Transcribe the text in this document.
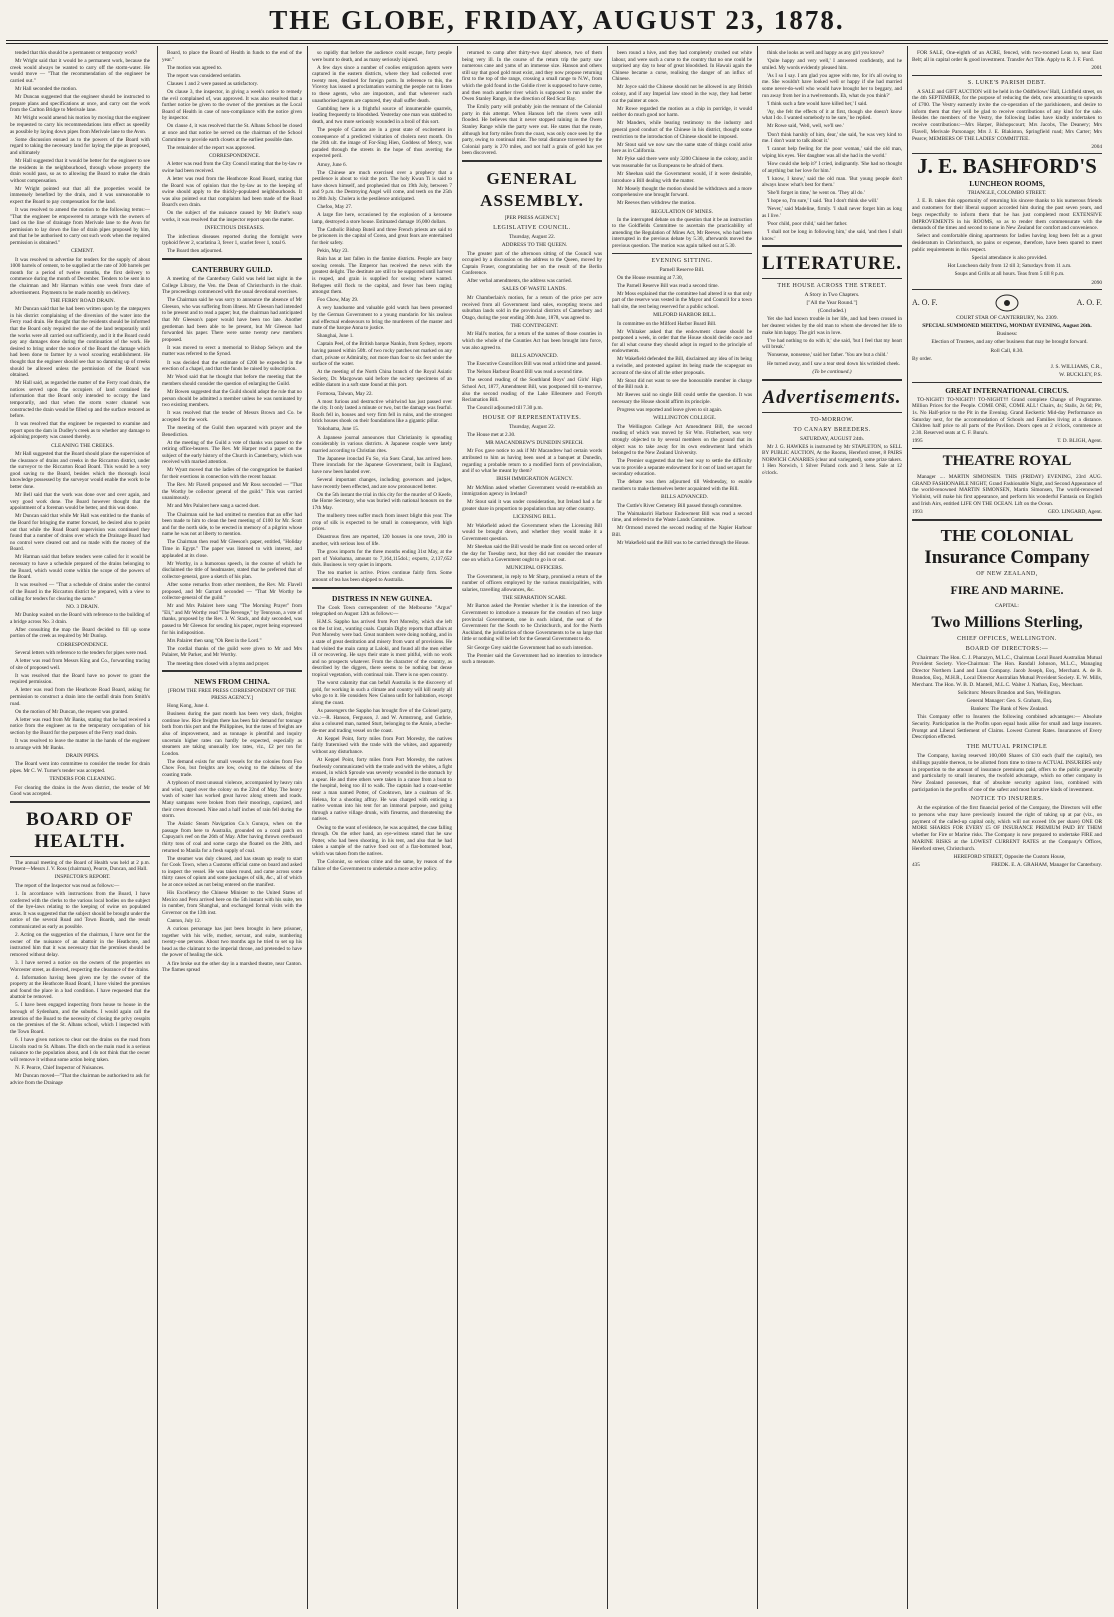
THE GLOBE, FRIDAY, AUGUST 23, 1878.

tended that this should be a permanent or temporary work?

Mr Wright said that it would be a permanent work, because the creek would always be wanted to carry off the storm-water. He would move — "That the recommendation of the engineer be carried out."

Mr Hall seconded the motion.

Mr Duncan suggested that the engineer should be instructed to prepare plans and specifications at once, and carry out the work from the Carlton Bridge to Merivale lane.

Mr Wright would amend his motion by moving that the engineer be requested to carry his recommendations into effect as speedily as possible by laying down pipes from Merivale lane to the Avon.

Some discussion ensued as to the powers of the Board with regard to taking the necessary land for laying the pipe as proposed, and ultimately

Mr Hall suggested that it would be better for the engineer to see the residents in the neighbourhood, through whose property the drain would pass, so as to allowing the Board to make the drain without compensation.

Mr Wright pointed out that all the properties would be immensely benefited by the drain, and it was unreasonable to expect the Board to pay compensation for the land.

It was resolved to amend the motion to the following terms:— "That the engineer be empowered to arrange with the owners of land on the line of drainage from Merivale lane to the Avon for permission to lay down the line of drain pipes proposed by him, and that he be authorised to carry out such work when the required permission is obtained."

CEMENT.

It was resolved to advertise for tenders for the supply of about 1000 barrels of cement, to be supplied at the rate of 300 barrels per month for a period of twelve months, the first delivery to commence during the month of December. Tenders to be sent in to the chairman and Mr Harman within one week from date of advertisement. Payments to be made monthly on delivery.

THE FERRY ROAD DRAIN.

Mr Duncan said that he had been written upon by the ratepayers in his district complaining of the diversion of the water into the Ferry road drain. He thought that the residents should be informed that the Board only required the use of the land temporarily until the works were all carried out sufficiently, and it it the Board could pay any damages done during the continuation of the work. He desired to bring under the notice of the Board the damage which had been done to farmer by a wool scouring establishment. He thought that the engineer should see that no damming up of creeks should be allowed unless the permission of the Board was obtained.

Mr Hall said, as regarded the matter of the Ferry road drain, the notices served upon the occupiers of land contained the information that the Board only intended to occupy the land temporarily, and that when the storm water channel was constructed the drain would be filled up and the surface restored as before.

It was resolved that the engineer be requested to examine and report upon the dam in Dudley's creek as to whether any damage to adjoining property was caused thereby.

CLEANING THE CREEKS.

Mr Hall suggested that the Board should place the supervision of the clearance of drains and creeks in the Riccarton district, under the surveyor to the Riccarton Road Board. This would be a very good saving to the Board, besides which the thorough local knowledge possessed by the surveyor would enable the work to be better done.

Mr Bell said that the work was done over and over again, and very good work done. The Board however thought that the appointment of a foreman would be better, and this was done.

Mr Duncan said that while Mr Hall was entitled to the thanks of the Board for bringing the matter forward, he desired also to point out that while the Road Board supervision was continued they found that a number of drains over which the Drainage Board had no control were cleared out and no made with the money of the Board.

Mr Harman said that before tenders were called for it would be necessary to have a schedule prepared of the drains belonging to the Board, which would come within the scope of the powers of the Board.

It was resolved — "That a schedule of drains under the control of the Board in the Riccarton district be prepared, with a view to calling for tenders for clearing the same."

NO. 3 DRAIN.

Mr Dunlop waited on the Board with reference to the building of a bridge across No. 3 drain.

After consulting the map the Board decided to fill up some portion of the creek as required by Mr Dunlop.

CORRESPONDENCE.

Several letters with reference to the tenders for pipes were read.

A letter was read from Messrs King and Co., forwarding tracing of site of proposed well.

It was resolved that the Board have no power to grant the required permission.

A letter was read from the Heathcote Road Board, asking for permission to construct a drain into the outfall drain from Smith's road.

On the motion of Mr Duncan, the request was granted.

A letter was read from Mr Banks, stating that he had received a notice from the engineer as to the temporary occupation of his section by the Board for the purposes of the Ferry road drain.

It was resolved to leave the matter in the hands of the engineer to arrange with Mr Banks.

DRAIN PIPES.

The Board went into committee to consider the tender for drain pipes. Mr C. W. Turner's tender was accepted.

TENDERS FOR CLEANING.

For clearing the drains in the Avon district, the tender of Mr Good was accepted.

BOARD OF HEALTH.

The annual meeting of the Board of Health was held at 2 p.m. Present—Messrs J. V. Ross (chairman), Pearce, Duncan, and Hall.

INSPECTOR'S REPORT.

The report of the Inspector was read as follows:—

1. In accordance with instructions from the Board, I have conferred with the clerks to the various local bodies on the subject of the bye-laws relating to the keeping of swine on populated areas. It was suggested that the subject should be brought under the notice of the several Road and Town Boards, and the result communicated as early as possible.

2. Acting on the suggestion of the chairman, I have sent for the owner of the nuisance of an abattoir in the Heathcote, and instructed him that it was necessary that the premises should be removed without delay.

3. I have served a notice on the owners of the properties on Worcester street, as directed, respecting the clearance of the drains.

4. Information having been given me by the owner of the property at the Heathcote Road Board, I have visited the premises and found the place in a bad condition. I have requested that the abattoir be removed.

5. I have been engaged inspecting from house to house in the borough of Sydenham, and the suburbs. I would again call the attention of the Board to the necessity of closing the privy cesspits on the premises of the St. Albans school, which I inspected with the Town Board.

6. I have given notices to clear out the drains on the road from Lincoln road to St. Albans. The ditch on the main road is a serious nuisance to the population about, and I do not think that the owner will remove it without some action being taken.

N. F. Pearce, Chief Inspector of Nuisances.

Mr Duncan moved—"That the chairman be authorised to ask for advice from the Drainage

Board, to place the Board of Health in funds to the end of the year."

The motion was agreed to.

The report was considered seriatim.

Clauses 1 and 2 were passed as satisfactory.

On clause 3, the inspector, in giving a week's notice to remedy the evil complained of, was approved. It was also resolved that a further notice be given to the owner of the premises as the Local Board of Health in case of non-compliance with the notice given by inspector.

On clause 4, it was resolved that the St. Albans School be closed at once and that notice be served on the chairman of the School Committee to provide earth closets at the earliest possible date.

The remainder of the report was approved.

CORRESPONDENCE.

A letter was read from the City Council stating that the by-law re swine had been received.

A letter was read from the Heathcote Road Board, stating that the Board was of opinion that the by-law as to the keeping of swine should apply to the thickly-populated neighbourhoods. It was also pointed out that complaints had been made of the Road Board's own drain.

On the subject of the nuisance caused by Mr Butler's soap works, it was resolved that the inspector report upon the matter.

INFECTIOUS DISEASES.

The infectious diseases reported during the fortnight were typhoid fever 2, scarlatina 3, fever 1, scarlet fever 1, total 6.

The Board then adjourned.

CANTERBURY GUILD.

A meeting of the Canterbury Guild was held last night in the College Library, the Ven. the Dean of Christchurch in the chair. The proceedings commenced with the usual devotional exercises.

The Chairman said he was sorry to announce the absence of Mr Gleeson, who was suffering from illness. Mr Gleeson had intended to be present and to read a paper; but, the chairman had anticipated that Mr Gleeson's paper would have been too late. Another gentleman had been able to be present, but Mr Gleeson had forwarded his paper. There were some twenty new members proposed.

It was moved to erect a memorial to Bishop Selwyn and the matter was referred to the Synod.

It was decided that the estimate of £200 be expended in the erection of a chapel, and that the funds be raised by subscription.

Mr Wood said that he thought that before the meeting that the members should consider the question of enlarging the Guild.

Mr Bowen suggested that the Guild should adopt the rule that no person should be admitted a member unless he was nominated by two existing members.

It was resolved that the tender of Messrs Brown and Co. be accepted for the work.

The meeting of the Guild then separated with prayer and the Benediction.

At the meeting of the Guild a vote of thanks was passed to the retiring office-bearers. The Rev. Mr Harper read a paper on the subject of the early history of the Church in Canterbury, which was received with marked attention.

Mr Wyatt moved that the ladies of the congregation be thanked for their exertions in connection with the recent bazaar.

The Rev. Mr Flavell proposed and Mr Ross seconded — "That the Worthy be collector general of the guild." This was carried unanimously.

Mr and Mrs Palairet here sang a sacred duet.

The Chairman said he had omitted to mention that an offer had been made to him to clean the best meeting of £100 for Mr. Scott and for the north side, to be erected in memory of a pilgrim whose name he was not at liberty to mention.

The Chairman then read Mr Gleeson's paper, entitled, "Holiday Time in Egypt." The paper was listened to with interest, and applauded at its close.

Mr Worthy, in a humorous speech, in the course of which he disclaimed the title of headmaster, stated that he preferred that of collector-general, gave a sketch of his plan.

After some remarks from other members, the Rev. Mr. Flavell proposed, and Mr Garrard seconded — "That Mr Worthy be collector-general of the guild."

Mr and Mrs Palairet here sang "The Morning Prayer" from "Eli," and Mr Worthy read "The Revenge," by Tennyson, a vote of thanks, proposed by the Rev. J. W. Stack, and duly seconded, was passed to Mr Gleeson for sending his paper, regret being expressed for his indisposition.

Mrs Palairet then sang "Oh Rest in the Lord."

The cordial thanks of the guild were given to Mr and Mrs Palairet, Mr Parker, and Mr Worthy.

The meeting then closed with a hymn and prayer.

NEWS FROM CHINA.
[FROM THE FREE PRESS CORRESPONDENT OF THE PRESS AGENCY.]

Hong Kong, June 4.

Business during the past month has been very slack, freights continue low. Rice freights there has been fair demand for tonnage both from this port and the Philippines, but the rates of freights are also of improvement, and as tonnage is plentiful and inquiry uncertain higher rates can hardly be expected, especially as steamers are taking unusually low rates, viz., £2 per ton for London.

The demand exists for small vessels for the colonies from Foo Chow Foo, but freights are low, owing to the dulness of the coasting trade.

A typhoon of most unusual violence, accompanied by heavy rain and wind, raged over the colony on the 22nd of May. The heavy wash of water has worked great havoc along streets and roads. Many sampans were broken from their moorings, capsized, and their crews drowned. Nine and a half inches of rain fell during the storm.

The Asiatic Steam Navigation Co.'s Gunuya, when on the passage from here to Australia, grounded on a coral patch on Capuyan's reef on the 26th of May. After having thrown overboard thirty tons of coal and some cargo she floated on the 28th, and returned to Manila for a fresh supply of coal.

The steamer was duly cleared, and has steam up ready to start for Cook Town, when a Customs official came on board and asked to inspect the vessel. He was taken round, and came across some thirty cases of opium and some packages of silk, &c., all of which he at once seized as not being entered on the manifest.

His Excellency the Chinese Minister to the United States of Mexico and Peru arrived here on the 5th instant with his suite, ten in number, from Shanghai, and exchanged formal visits with the Governor on the 13th inst.

Canton, July 12.

A curious personage has just been brought in here prisoner, together with his wife, mother, servant, and suite, numbering twenty-one persons. About two months ago he tried to set up his head as the claimant to the imperial throne, and pretended to have the power of healing the sick.

A fire broke out the other day in a marshed theatre, near Canton. The flames spread

so rapidly that before the audience could escape, forty people were burnt to death, and as many seriously injured.

A few days since a number of coolies emigration agents were captured in the eastern districts, where they had collected over twenty men, destined for foreign ports. In reference to this, the Viceroy has issued a proclamation warning the people not to listen to these agents, who are impostors, and that wherever such unauthorised agents are captured, they shall suffer death.

Gambling here is a frightful source of innumerable quarrels, leading frequently to bloodshed. Yesterday one man was stabbed to death, and two more seriously wounded in a broil of this sort.

The people of Canton are in a great state of excitement in consequence of a predicted visitation of cholera next month. On the 26th ult. the image of For-Sing Hien, Goddess of Mercy, was paraded through the streets in the hope of thus averting the expected peril.

Amoy, June 6.

The Chinese are much exercised over a prophecy that a pestilence is about to visit the port. The holy Kwan Ti is said to have shown himself, and prophesied that on 19th July, between 7 and 9 p.m. the Destroying Angel will come, and teeth on the 25th to 28th July. Cholera is the pestilence anticipated.

Chefoo, May 27.

A large fire here, occasioned by the explosion of a kerosene lamp, destroyed a store house. Estimated damage 16,000 dollars.

The Catholic Bishop Buteil and three French priests are said to be prisoners in the capital of Corea, and great fears are entertained for their safety.

Pekin, May 23.

Rain has at last fallen in the famine districts. People are busy sowing cereals. The Emperor has received the news with the greatest delight. The destitute are still to be supported until harvest is reaped, and grain is supplied for sowing where wanted. Refugees still flock to the capital, and fever has been raging amongst them.

Foo Chow, May 29.

A very handsome and valuable gold watch has been presented by the German Government to a young mandarin for his zealous and effectual endeavours to bring the murderers of the master and mate of the barque Anna to justice.

Shanghai, June 1.

Captain Peel, of the British barque Nankin, from Sydney, reports having passed within 50ft. of two rocky patches not marked on any chart, private or Admiralty, not more than four to six feet under the surface of the water.

At the meeting of the North China branch of the Royal Asiatic Society, Dr. Macgowan said before the society specimens of an edible diatom in a soft state found at this port.

Formosa, Taiwan, May 22.

A most furious and destructive whirlwind has just passed over the city. It only lasted a minute or two, but the damage was fearful. Roofs fell in, houses and very firm fell in ruins, and the strongest brick houses shook on their foundations like a gigantic pillar.

Yokohama, June 15.

A Japanese journal announces that Christianity is spreading considerably in various districts. A Japanese couple were lately married according to Christian rites.

The Japanese ironclad Fu So, via Suez Canal, has arrived here. Three ironclads for the Japanese Government, built in England, have now been handed over.

Several important changes, including governors and judges, have recently been effected, and are now pronounced better.

On the 5th instant the trial in this city for the murder of O Keefe, the Home Secretary, who was buried with national honours on the 17th May.

The mulberry trees suffer much from insect blight this year. The crop of silk is expected to be small in consequence, with high prices.

Disastrous fires are reported, 120 houses in one town, 200 in another, with serious loss of life.

The gross imports for the three months ending 31st May, at the port of Yokohama, amount to 7,164,115dol.; exports, 2,137,652 dols. Business is very quiet in imports.

The tea market is active. Prices continue fairly firm. Some amount of tea has been shipped to Australia.

DISTRESS IN NEW GUINEA.

The Cook Town correspondent of the Melbourne "Argus" telegraphed on August 12th as follows:—

H.M.S. Sappho has arrived from Port Moresby, which she left on the 1st inst., wanting coals. Captain Digby reports that affairs at Port Moresby were bad. Great numbers were doing nothing, and in a state of great destitution and misery from want of provisions. He had visited the main camp at Laloki, and found all the men either ill or recovering. He says their state is most pitiful, with no work and no prospects whatever. From the character of the country, as described by the diggers, there seems to be nothing but dense tropical vegetation, with continual rain. There is no open country.

The worst calamity that can befall Australia is the discovery of gold, for working in such a climate and country will kill nearly all who go to it. He considers New Guinea unfit for habitation, except along the coast.

As passengers the Sappho has brought five of the Colonel party, viz.:—R. Hanson, Ferguson, J. and W. Armstrong, and Guthrie, also a coloured man, named Sturt, belonging to the Annie, a beche-de-mer and trading vessel on the coast.

At Keppel Point, forty miles from Port Moresby, the natives fairly fraternised with the trade with the whites, and apparently without any disturbance.

At Keppel Point, forty miles from Port Moresby, the natives fearlessly communicated with the trade and with the whites, a fight ensued, in which Sproule was severely wounded in the stomach by a spear. He and three others were taken in a canoe from a boat to the hospital, being too ill to walk. The captain had a coast-settler near a man named Potter, of Cooktown, late a coalman of St. Helena, for a shooting affray. He was charged with enticing a native woman into his tent for an immoral purpose, and going through a native village drunk, with firearms, and threatening the natives.

Owing to the want of evidence, he was acquitted, the case falling through. On the other hand, an eye-witness stated that he saw Potter, who had been shooting, in his tent, and also that he had taken a sample of the native food out of a flat-bottomed boat, which was taken from the natives.

The Colonist, so serious crime and the same, by reason of the failure of the Government to undertake a more active policy.

returned to camp after thirty-two days' absence, two of them being very ill. In the course of the return trip the party saw numerous cane and yams of an immense size. Hanson and others still say that good gold must exist, and they now propose returning first to the top of the range, crossing a small range to N.W., from which the gold found in the Goldie river is supposed to have come, and then reach another river which is supposed to run under the Owen Stanley Range, in the direction of Red Scar Bay.

The Emily party will probably join the remnant of the Colonial party in this attempt. When Hanson left the rivers were still flooded. He believes that it never stopped raining in the Owen Stanley Range while the party were out. He states that the route, although but forty miles from the coast, was only once seen by the party, owing to continual mist. The total distance traversed by the Colonial party is 270 miles, and not half a grain of gold has yet been discovered.

GENERAL ASSEMBLY.
[PER PRESS AGENCY.]
LEGISLATIVE COUNCIL.
Thursday, August 22.

ADDRESS TO THE QUEEN.

The greater part of the afternoon sitting of the Council was occupied by a discussion on the address to the Queen, moved by Captain Fraser, congratulating her on the result of the Berlin Conference.

After verbal amendments, the address was carried.

SALES OF WASTE LANDS.

Mr Chamberlain's motion, for a return of the price per acre received from all Government land sales, excepting towns and suburban lands sold in the provincial districts of Canterbury and Otago, during the year ending 30th June, 1878, was agreed to.

THE CONTINGENT.

Mr Hall's motion, for a return of the names of those counties in which the whole of the Counties Act has been brought into force, was also agreed to.

BILLS ADVANCED.

The Executive Councillors Bill was read a third time and passed.

The Nelson Harbour Board Bill was read a second time.

The second reading of the Southland Boys' and Girls' High School Act, 1877, Amendment Bill, was postponed till to-morrow, also the second reading of the Lake Ellesmere and Forsyth Reclamation Bill.

The Council adjourned till 7.30 p.m.

HOUSE OF REPRESENTATIVES.
Thursday, August 22.

The House met at 2.30.

MR MACANDREW'S DUNEDIN SPEECH.

Mr Fox gave notice to ask if Mr Macandrew had certain words attributed to him as having been used at a banquet at Dunedin, regarding a probable return to a modified form of provincialism, and if so what he meant by them?

IRISH IMMIGRATION AGENCY.

Mr McMinn asked whether Government would re-establish an immigration agency in Ireland?

Mr Stout said it was under consideration, but Ireland had a far greater share in proportion to population than any other country.

LICENSING BILL.

Mr Wakefield asked the Government when the Licensing Bill would be brought down, and whether they would make it a Government question.

Mr Sheehan said the Bill would be made first on second order of the day for Tuesday next, but they did not consider the measure one on which a Government ought to go in or out.

MUNICIPAL OFFICERS.

The Government, in reply to Mr Sharp, promised a return of the number of officers employed by the various municipalities, with salaries, travelling allowances, &c.

THE SEPARATION SCARE.

Mr Barton asked the Premier whether it is the intention of the Government to introduce a measure for the creation of two large provincial Governments, one in each island, the seat of the Government for the South to be Christchurch, and for the North Auckland, the jurisdiction of those Governments to be so large that little or nothing will be left for the General Government to do.

Sir George Grey said the Government had no such intention.

The Premier said the Government had no intention to introduce such a measure.

been round a hive, and they had completely crushed out white labour, and were such a curse to the country that no one could be surprised any day to hear of great bloodshed. In Hawaii again the Chinese became a curse, realising the danger of an influx of Chinese.

Mr Joyce said the Chinese should not be allowed in any British colony, and if any Imperial law stood in the way, they had better cut the painter at once.

Mr Rowe regarded the motion as a chip in porridge, it would neither do much good nor harm.

Mr Manders, while bearing testimony to the industry and general good conduct of the Chinese in his district, thought some restriction to the introduction of Chinese should be imposed.

Mr Stout said we now saw the same state of things could arise here as in California.

Mr Pyke said there were only 3200 Chinese in the colony, and it was reasonable for us Europeans to be afraid of them.

Mr Sheehan said the Government would, if it were desirable, introduce a Bill dealing with the matter.

Mr Mosely thought the motion should be withdrawn and a more comprehensive one brought forward.

Mr Reeves then withdrew the motion.

REGULATION OF MINES.

In the interrupted debate on the question that it be an instruction to the Goldfields Committee to ascertain the practicability of amending the Regulation of Mines Act, Mr Reeves, who had been interrupted in the previous debate by 5.30, afterwards moved the previous question. The motion was again talked out at 5.30.

EVENING SITTING.
Parnell Reserve Bill.

On the House resuming at 7.30,

The Parnell Reserve Bill was read a second time.

Mr Moss explained that the committee had altered it so that only part of the reserve was vested in the Mayor and Council for a town hall site, the rest being reserved for a public school.

MILFORD HARBOR BILL.

In committee on the Milford Harbor Board Bill.

Mr Whitaker asked that the endowment clause should be postponed a week, in order that the House should decide once and for all what course they should adopt in regard to the principle of endowments.

Mr Wakefield defended the Bill, disclaimed any idea of its being a swindle, and protested against its being made the scapegoat on account of the sins of all the other proposals.

Mr Stout did not want to see the honourable member in charge of the Bill rush it.

Mr Reeves said no single Bill could settle the question. It was necessary the House should affirm its principle.

Progress was reported and leave given to sit again.

WELLINGTON COLLEGE.

The Wellington College Act Amendment Bill, the second reading of which was moved by Sir Wm. Fitzherbert, was very strongly objected to by several members on the ground that its object was to take away for its own endowment land which belonged to the New Zealand University.

The Premier suggested that the best way to settle the difficulty was to provide a separate endowment for it out of land set apart for secondary education.

The debate was then adjourned till Wednesday, to enable members to make themselves better acquainted with the Bill.

BILLS ADVANCED.

The Cuttle's River Cemetery Bill passed through committee.

The Waimakariri Harbour Endowment Bill was read a second time, and referred to the Waste Lands Committee.

Mr Ormond moved the second reading of the Napier Harbour Bill.

Mr Wakefield said the Bill was to be carried through the House.

think she looks as well and happy as any girl you know?

'Quite happy and very well,' I answered confidently, and he smiled. My words evidently pleased him.

'As I so I say. I am glad you agree with me, for it's all owing to me. She wouldn't have looked well or happy if she had married some never-do-well who would have brought her to beggary, and run away from her in a twelvemonth. Eh, what do you think?'

'I think such a fate would have killed her,' I said.

'Ay, she felt the effects of it at first, though she doesn't know what I do. I wanted somebody to be sure,' he replied.

Mr Rowe said, 'Well, well, we'll see.'

'Don't think harshly of him, dear,' she said, 'he was very kind to me. I don't want to talk about it.'

'I cannot help feeling for the poor woman,' said the old man, wiping his eyes. 'Her daughter was all she had in the world.'

'How could she help it?' I cried, indignantly. 'She had no thought of anything but her love for him.'

'I know, I know,' said the old man. 'But young people don't always know what's best for them.'

'She'll forget in time,' he went on. 'They all do.'

'I hope so, I'm sure,' I said. 'But I don't think she will.'

'Never,' said Madeline, firmly. 'I shall never forget him as long as I live.'

'Poor child, poor child,' said her father.

'I shall not be long in following him,' she said, 'and then I shall know.'

LITERATURE.
THE HOUSE ACROSS THE STREET.
A Story in Two Chapters.
["All the Year Round."]
(Concluded.)

Yet she had known trouble in her life, and had been crossed in her dearest wishes by the old man to whom she devoted her life to make him happy. The girl was in love.

'I've had nothing to do with it,' she said, 'but I feel that my heart will break.'

'Nonsense, nonsense,' said her father. 'You are but a child.'

He turned away, and I saw a tear steal down his wrinkled cheek.

(To be continued.)
Advertisements.
TO-MORROW.
TO CANARY BREEDERS.
SATURDAY, AUGUST 24th.

Mr J. G. HAWKES is instructed by Mr STAPLETON, to SELL BY PUBLIC AUCTION, At the Rooms, Hereford street, 8 PAIRS NORWICH CANARIES (clear and variegated), some prize takers. 1 Hen Norwich, 1 Silver Poland cock and 3 hens. Sale at 12 o'clock.

FOR SALE, One-eighth of an ACRE, fenced, with two-roomed Lean to, near East Belt; all in capital order & good investment. Transfer Act Title. Apply to R. J. F. Ford.

2001
S. LUKE'S PARISH DEBT.

A SALE and GIFT AUCTION will be held in the Oddfellows' Hall, Lichfield street, on the 4th SEPTEMBER, for the purpose of reducing the debt, now amounting to upwards of £700. The Vestry earnestly invite the co-operation of the parishioners, and desire to inform them that they will be glad to receive contributions of any kind for the sale. Besides the members of the Vestry, the following ladies have kindly undertaken to receive contributions:—Mrs Harper, Bishopscourt; Mrs Jacobs, The Deanery; Mrs Flavell, Merivale Parsonage; Mrs J. E. Blakiston, Springfield road; Mrs Carter; Mrs Pearce; MEMBERS OF THE LADIES' COMMITTEE.

2004
J. E. BASHFORD'S
LUNCHEON ROOMS,
TRIANGLE, COLOMBO STREET.

J. E. B. takes this opportunity of returning his sincere thanks to his numerous friends and customers for their liberal support accorded him during the past seven years, and begs respectfully to inform them that he has just completed most EXTENSIVE IMPROVEMENTS in his ROOMS, so as to render them commensurate with the demands of the times and second to none in New Zealand for comfort and convenience.

Select and comfortable dining apartments for ladies having long been felt as a great desideratum in Christchurch, no pains or expense, therefore, have been spared to meet public requirements in this respect.

Special attendance is also provided.

Hot Luncheon daily from 12 till 3; Saturdays from 11 a.m.

Soups and Grills at all hours. Teas from 5 till 8 p.m.

2090
A. O. F.	A. O. F.
COURT STAR OF CANTERBURY, No. 2309.
SPECIAL SUMMONED MEETING, MONDAY EVENING, August 26th.
Business:

Election of Trustees, and any other business that may be brought forward.

Roll Call, 8.30.
By order.
J. S. WILLIAMS, C.R.,
W. BUCKLEY, P.S.
GREAT INTERNATIONAL CIRCUS.

TO-NIGHT! TO-NIGHT!! TO-NIGHT!!! Grand complete Change of Programme. Million Prices for the People. COME ONE, COME ALL! Chairs, 4s; Stalls, 2s 6d; Pit, 1s. No Half-price to the Pit in the Evening. Grand Eeckertic Mid-day Performance on Saturday next, for the accommodation of Schools and Families living at a distance. Children half price to all parts of the Pavilion. Doors open at 2 o'clock, commence at 2.30. Reserved seats at C. F. Buna's.

1995	T. D. BLIGH, Agent.
THEATRE ROYAL

Manager .... MARTIN SIMONSEN. THIS (FRIDAY) EVENING, 23rd AUG. GRAND FASHIONABLE NIGHT, Grand Fashionable Night, and Second Appearance of the world-renowned MARTIN SIMONSEN, Martin Simonsen, The world-renowned Violinist, will make his first appearance, and perform his wonderful Fantasia on English and Irish Airs, entitled LIFE ON THE OCEAN. Lift on the Ocean.

1993	GEO. LINGARD, Agent.
THE COLONIAL
Insurance Company
OF NEW ZEALAND,
FIRE AND MARINE.
CAPITAL:
Two Millions Sterling,
CHIEF OFFICES, WELLINGTON.
BOARD OF DIRECTORS:—

Chairman: The Hon. C. J. Pharazyn, M.L.C., Chairman Local Board Australian Mutual Provident Society. Vice-Chairman: The Hon. Randall Johnson, M.L.C., Managing Director Northern Land and Loan Company. Jacob Joseph, Esq., Merchant. A. de B. Brandon, Esq., M.H.R., Local Director Australian Mutual Provident Society. E. W. Mills, Merchant. The Hon. W. B. D. Mantell, M.L.C. Walter J. Nathan, Esq., Merchant.

Solicitors: Messrs Brandon and Son, Wellington.

General Manager: Geo. S. Graham, Esq.

Bankers: The Bank of New Zealand.

This Company offer to Insurers the following combined advantages:— Absolute Security. Participation in the Profits upon equal basis alike for small and large insurers. Prompt and Liberal Settlement of Claims. Lowest Current Rates. Insurances of Every Description effected.

THE MUTUAL PRINCIPLE

The Company, having reserved 100,000 Shares of £10 each (half the capital), ten shillings payable thereon, to be allotted from time to time to ACTUAL INSURERS only in proportion to the amount of insurance premiums paid, offers to the public generally and particularly to small insurers, the twofold advantage, which no other company in New Zealand possesses, that of absolute security against loss, combined with participation in the profits of one of the safest and most lucrative kinds of investment.

NOTICE TO INSURERS.

At the expiration of the first financial period of the Company, the Directors will offer to persons who may have previously insured the right of taking up at par (viz., on payment of the called-up capital only, which will not exceed 10s per share) ONE OR MORE SHARES FOR EVERY £5 OF INSURANCE PREMIUM PAID BY THEM whether for Fire or Marine risks. The Company is now prepared to undertake FIRE and MARINE RISKS at the LOWEST CURRENT RATES at the Company's Offices, Hereford street, Christchurch.

HEREFORD STREET, Opposite the Custom House,

435	FREDK. E. A. GRAHAM, Manager for Canterbury.
